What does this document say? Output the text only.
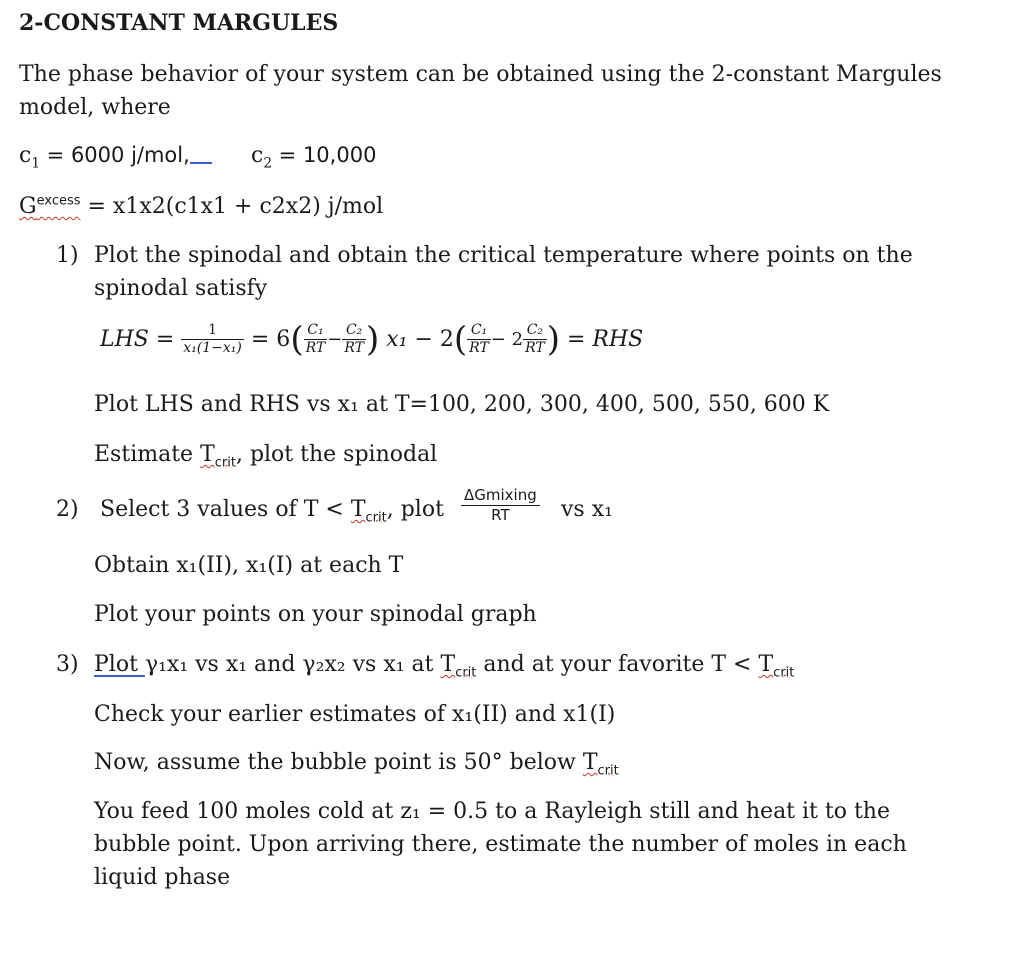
2-CONSTANT MARGULES
The phase behavior of your system can be obtained using the 2-constant Margules
model, where
$c_1 = 6000$ j/mol,	$c_2 = 10,000$
$G^{excess} = x1x2(c1x1 + c2x2)$ j/mol
1) Plot the spinodal and obtain the critical temperature where points on the
spinodal satisfy
LHS = $\frac{1}{\text{x₁(1−x₁)}} = 6( \frac{\text{C₁}}{RT} - \frac{\text{C₂}}{RT}$ ) $x_1 - 2( \frac{\text{C₁}}{RT} - 2 \frac{\text{C₂}}{RT}$ ) = RHS
Plot LHS and RHS vs x₁ at T=100, 200, 300, 400, 500, 550, 600 K
Estimate $T_{crit}$, plot the spinodal
2) Select 3 values of $T < T_{crit}$, plot $\frac{\text{ΔGmixing}}{RT}$ vs x₁
Obtain x₁(II), x₁(I) at each T
Plot your points on your spinodal graph
3) Plot γ₁x₁ vs x₁ and γ₂x₂ vs x₁ at $T_{crit}$ and at your favorite $T < T_{crit}$
Check your earlier estimates of x₁(II) and x1(I)
Now, assume the bubble point is 50° below $T_{crit}$
You feed 100 moles cold at z₁ = 0.5 to a Rayleigh still and heat it to the
bubble point. Upon arriving there, estimate the number of moles in each
liquid phase
